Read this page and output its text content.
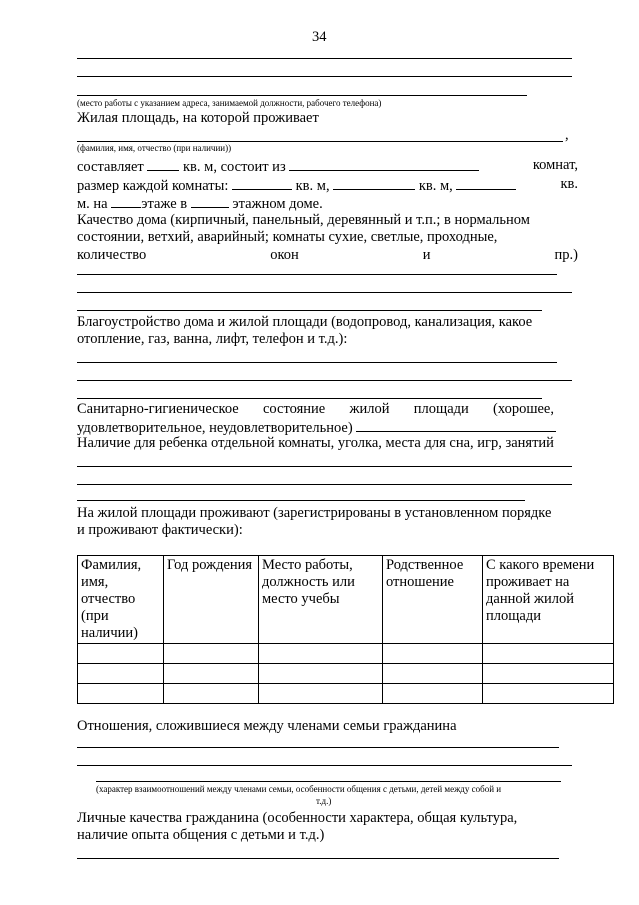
34
(место работы с указанием адреса, занимаемой должности, рабочего телефона)
Жилая площадь, на которой проживает
,
(фамилия, имя, отчество (при наличии))
составляет	кв. м, состоит из	комнат,
размер каждой комнаты:	кв. м,	кв. м,	кв.
м. на этаже в	этажном доме.
Качество дома (кирпичный, панельный, деревянный и т.п.; в нормальном
состоянии, ветхий, аварийный; комнаты сухие, светлые, проходные,
количество	окон	и	пр.)
Благоустройство дома и жилой площади (водопровод, канализация, какое
отопление, газ, ванна, лифт, телефон и т.д.):
Санитарно-гигиеническое состояние жилой площади (хорошее,
удовлетворительное, неудовлетворительное)
Наличие для ребенка отдельной комнаты, уголка, места для сна, игр, занятий
На жилой площади проживают (зарегистрированы в установленном порядке
и проживают фактически):
Фамилия, имя, отчество (при наличии)	Год рождения	Место работы, должность или место учебы	Родственное отношение	С какого времени проживает на данной жилой площади

Отношения, сложившиеся между членами семьи гражданина
(характер взаимоотношений между членами семьи, особенности общения с детьми, детей между собой и
т.д.)
Личные качества гражданина (особенности характера, общая культура,
наличие опыта общения с детьми и т.д.)
